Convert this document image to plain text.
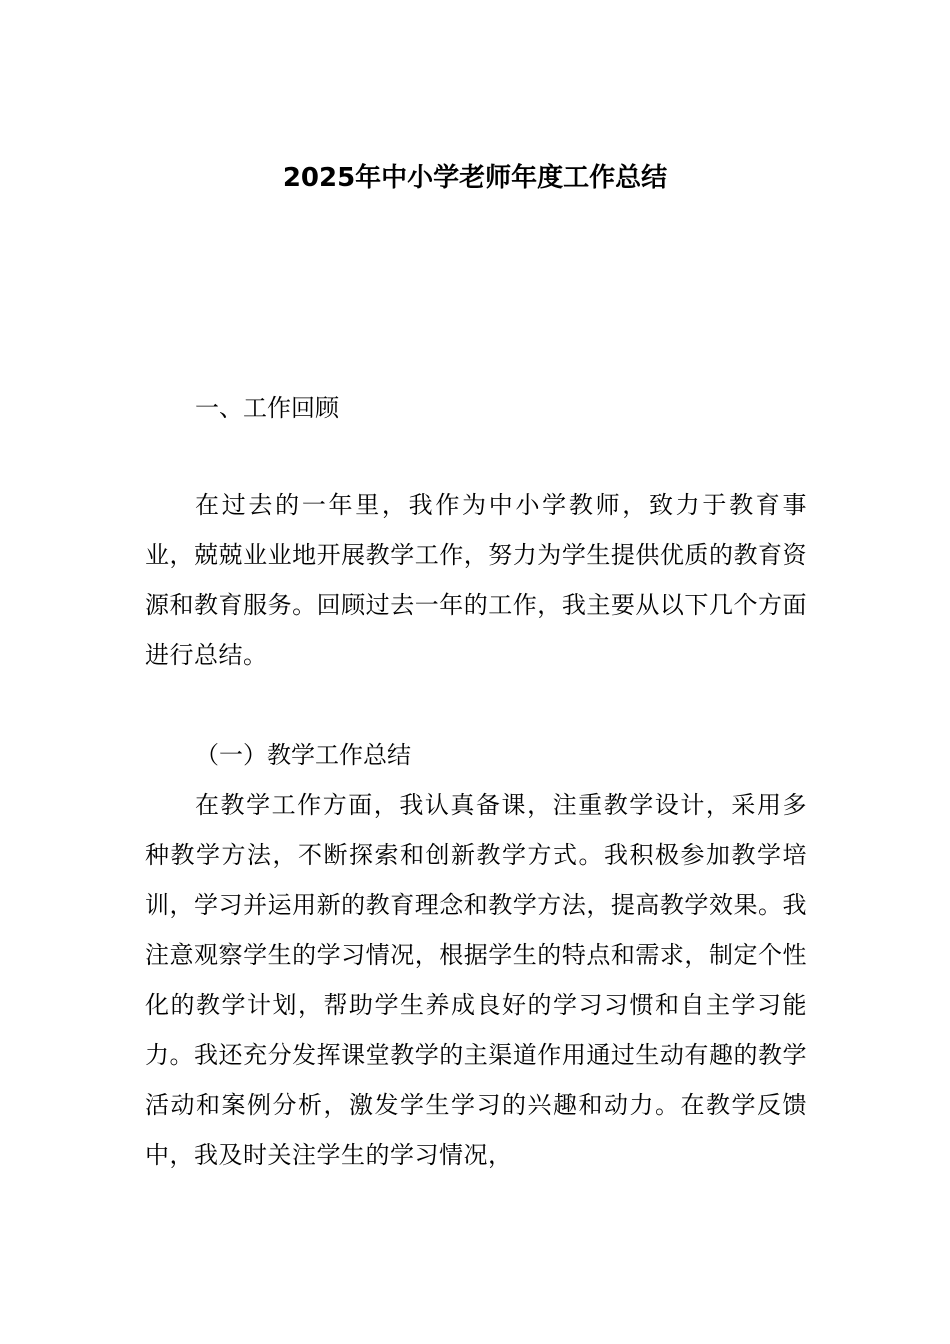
2025年中小学老师年度工作总结
一、工作回顾

在过去的一年里，我作为中小学教师，致力于教育事业，兢兢业业地开展教学工作，努力为学生提供优质的教育资源和教育服务。回顾过去一年的工作，我主要从以下几个方面进行总结。

（一）教学工作总结

在教学工作方面，我认真备课，注重教学设计，采用多种教学方法，不断探索和创新教学方式。我积极参加教学培训，学习并运用新的教育理念和教学方法，提高教学效果。我注意观察学生的学习情况，根据学生的特点和需求，制定个性化的教学计划，帮助学生养成良好的学习习惯和自主学习能力。我还充分发挥课堂教学的主渠道作用通过生动有趣的教学活动和案例分析，激发学生学习的兴趣和动力。在教学反馈中，我及时关注学生的学习情况，
